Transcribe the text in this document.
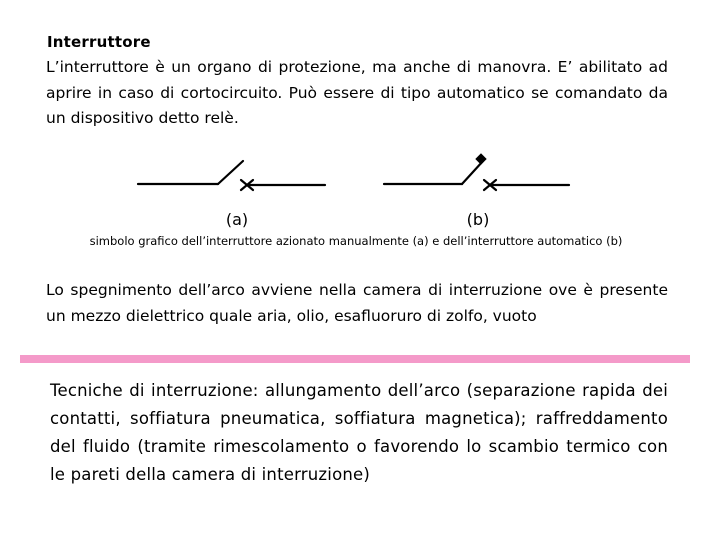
Interruttore
L’interruttore è un organo di protezione, ma anche di manovra. E’ abilitato ad aprire in caso di cortocircuito. Può essere di tipo automatico se comandato da un dispositivo detto relè.
(a)	(b)
simbolo grafico dell’interruttore azionato manualmente (a) e dell’interruttore automatico (b)
Lo spegnimento dell’arco avviene nella camera di interruzione ove è presente un mezzo dielettrico quale aria, olio, esafluoruro di zolfo, vuoto
Tecniche di interruzione: allungamento dell’arco (separazione rapida dei contatti, soffiatura pneumatica, soffiatura magnetica); raffreddamento del fluido (tramite rimescolamento o favorendo lo scambio termico con le pareti della camera di interruzione)
